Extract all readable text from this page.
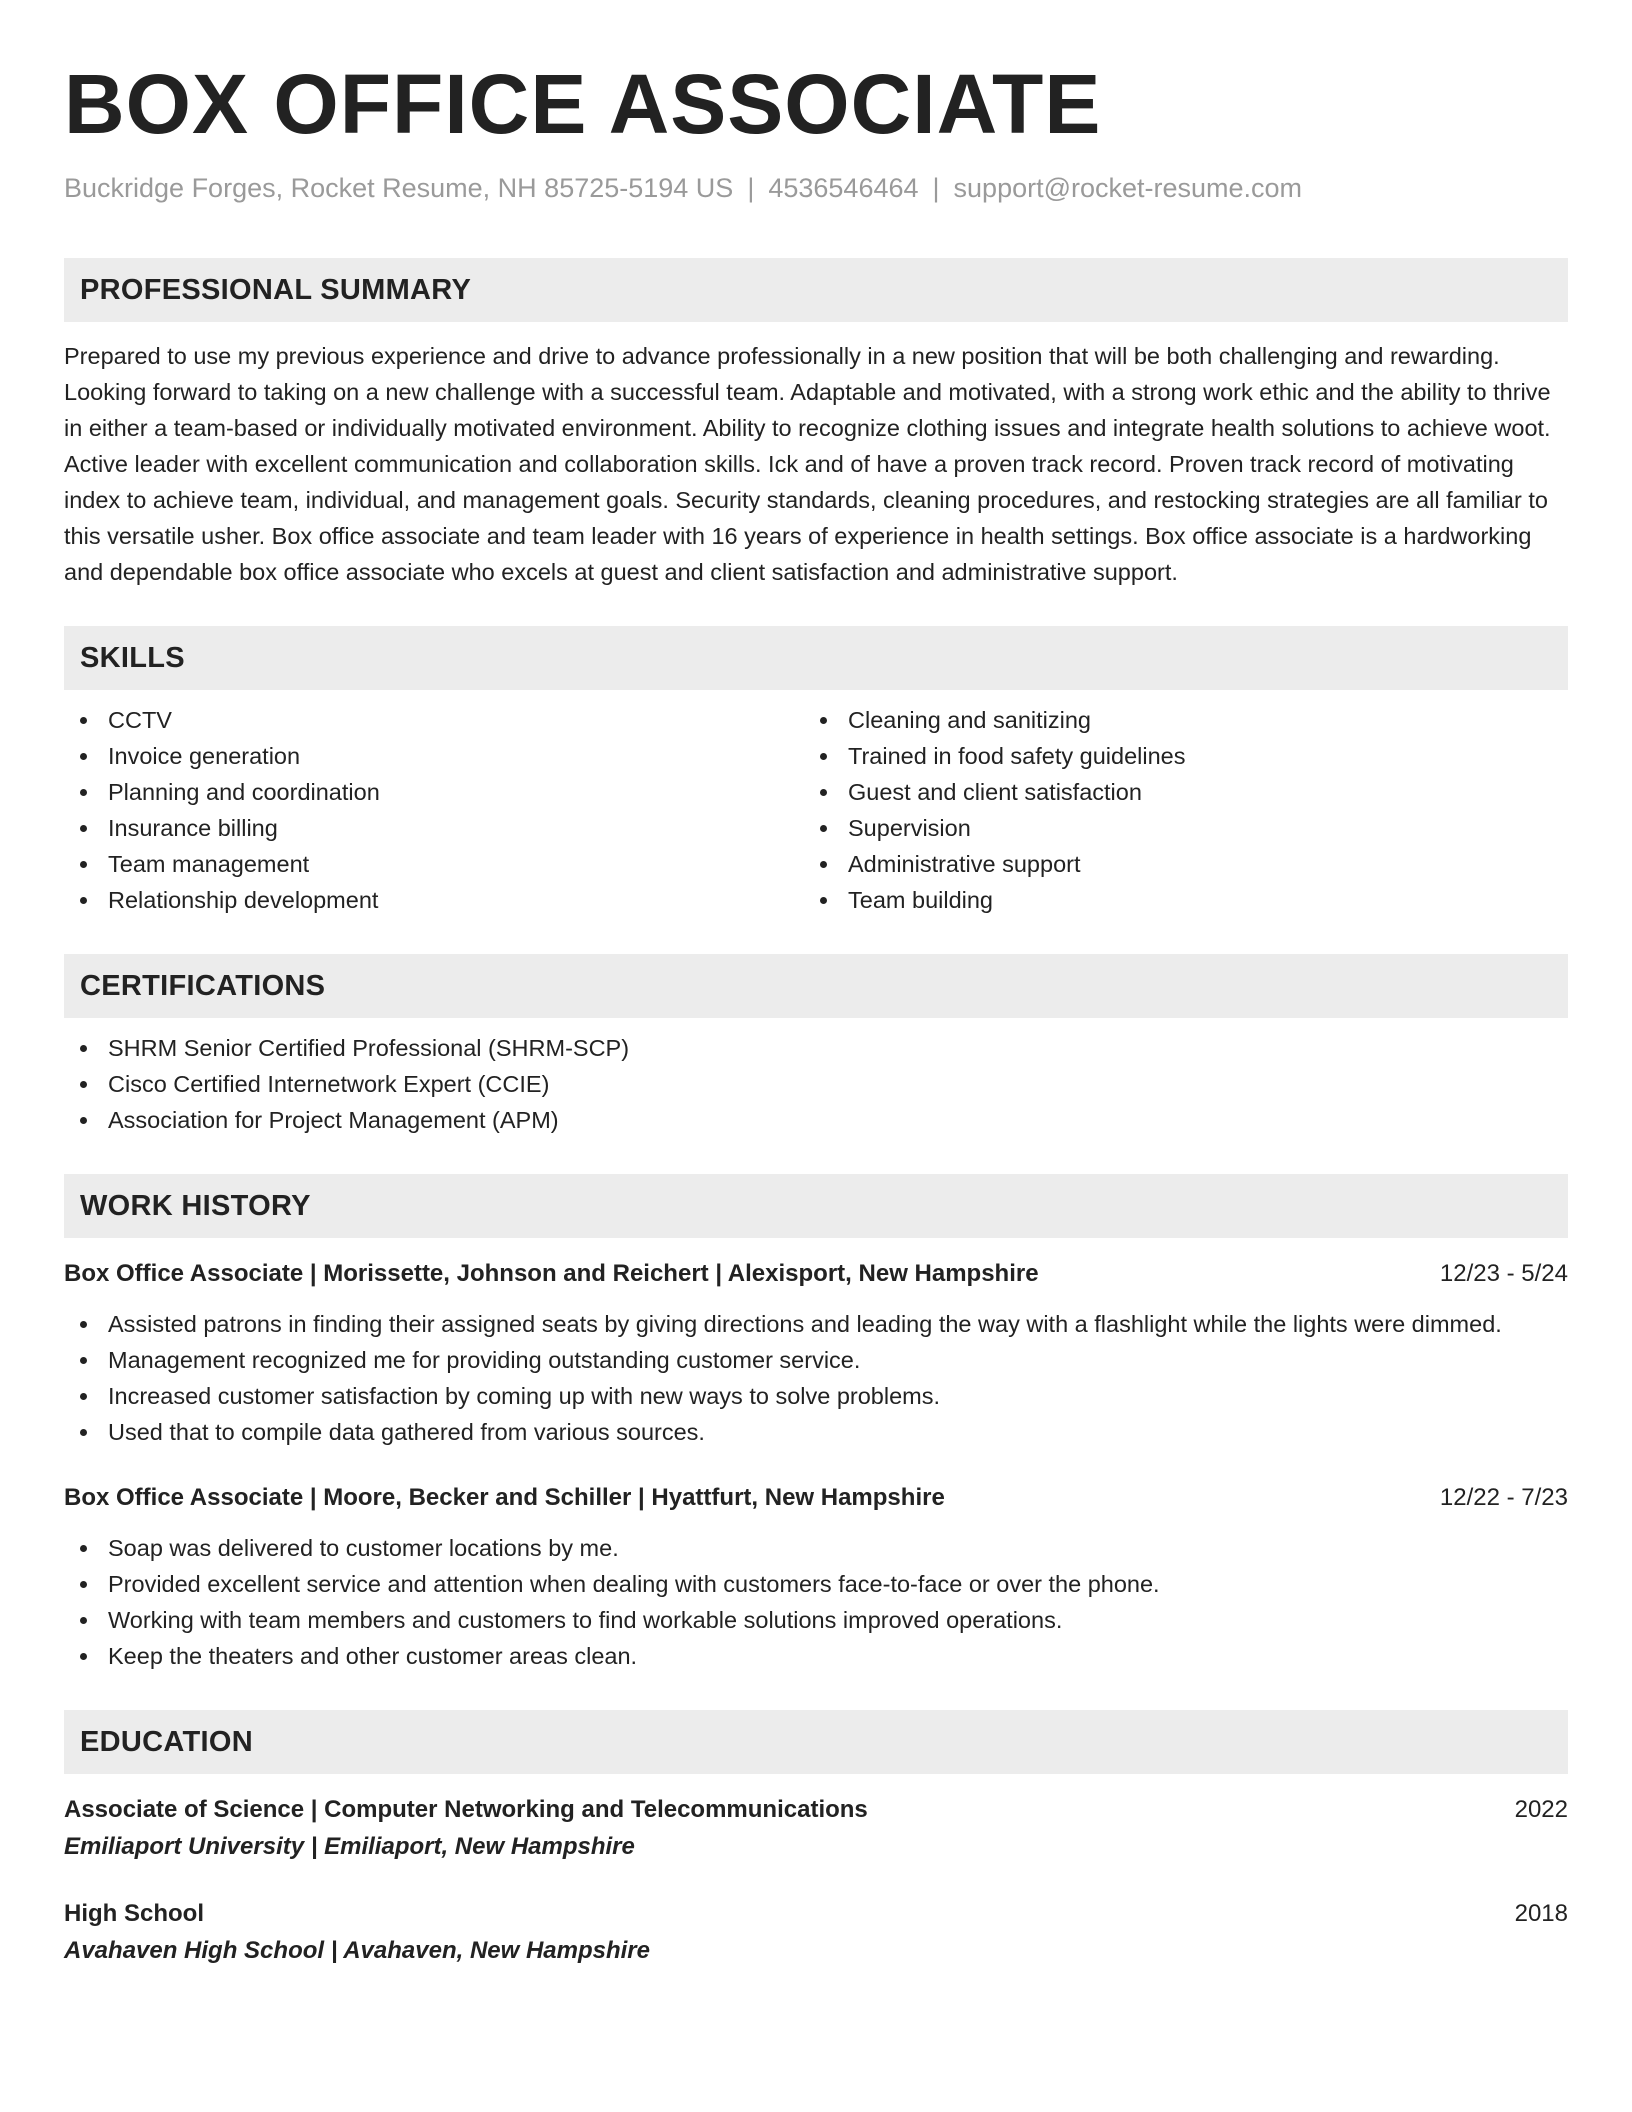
BOX OFFICE ASSOCIATE
Buckridge Forges, Rocket Resume, NH 85725-5194 US | 4536546464 | support@rocket-resume.com
PROFESSIONAL SUMMARY

Prepared to use my previous experience and drive to advance professionally in a new position that will be both challenging and rewarding. Looking forward to taking on a new challenge with a successful team. Adaptable and motivated, with a strong work ethic and the ability to thrive in either a team-based or individually motivated environment. Ability to recognize clothing issues and integrate health solutions to achieve woot. Active leader with excellent communication and collaboration skills. Ick and of have a proven track record. Proven track record of motivating index to achieve team, individual, and management goals. Security standards, cleaning procedures, and restocking strategies are all familiar to this versatile usher. Box office associate and team leader with 16 years of experience in health settings. Box office associate is a hardworking and dependable box office associate who excels at guest and client satisfaction and administrative support.

SKILLS
CCTV
Invoice generation
Planning and coordination
Insurance billing
Team management
Relationship development
Cleaning and sanitizing
Trained in food safety guidelines
Guest and client satisfaction
Supervision
Administrative support
Team building
CERTIFICATIONS
SHRM Senior Certified Professional (SHRM-SCP)
Cisco Certified Internetwork Expert (CCIE)
Association for Project Management (APM)
WORK HISTORY
Box Office Associate | Morissette, Johnson and Reichert | Alexisport, New Hampshire	12/23 - 5/24
Assisted patrons in finding their assigned seats by giving directions and leading the way with a flashlight while the lights were dimmed.
Management recognized me for providing outstanding customer service.
Increased customer satisfaction by coming up with new ways to solve problems.
Used that to compile data gathered from various sources.
Box Office Associate | Moore, Becker and Schiller | Hyattfurt, New Hampshire	12/22 - 7/23
Soap was delivered to customer locations by me.
Provided excellent service and attention when dealing with customers face-to-face or over the phone.
Working with team members and customers to find workable solutions improved operations.
Keep the theaters and other customer areas clean.
EDUCATION
Associate of Science | Computer Networking and Telecommunications	2022
Emiliaport University | Emiliaport, New Hampshire
High School	2018
Avahaven High School | Avahaven, New Hampshire
